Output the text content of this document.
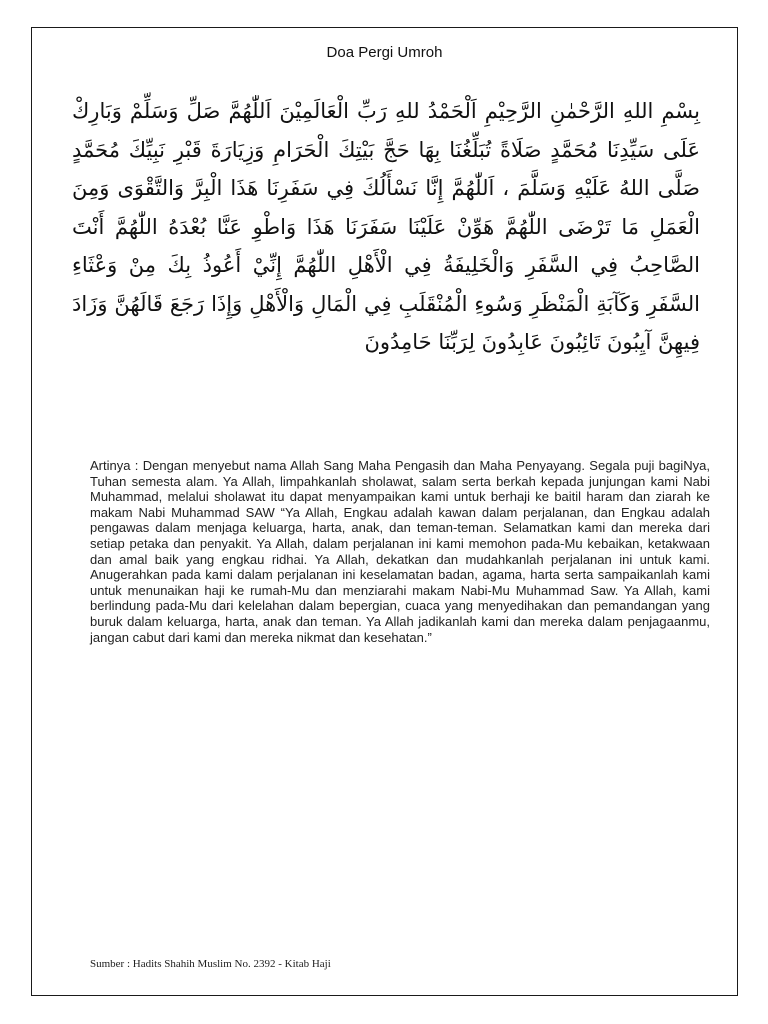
Doa Pergi Umroh

بِسْمِ اللهِ الرَّحْمٰنِ الرَّحِيْمِ اَلْحَمْدُ للهِ رَبِّ الْعَالَمِيْنَ اَللّٰهُمَّ صَلِّ وَسَلِّمْ وَبَارِكْ عَلَى سَيِّدِنَا مُحَمَّدٍ صَلَاةً تُبَلِّغُنَا بِهَا حَجَّ بَيْتِكَ الْحَرَامِ وَزِيَارَةَ قَبْرِ نَبِيِّكَ مُحَمَّدٍ صَلَّى اللهُ عَلَيْهِ وَسَلَّمَ ، اَللّٰهُمَّ إِنَّا نَسْأَلُكَ فِي سَفَرِنَا هَذَا الْبِرَّ وَالتَّقْوَى وَمِنَ الْعَمَلِ مَا تَرْضَى اللّٰهُمَّ هَوِّنْ عَلَيْنَا سَفَرَنَا هَذَا وَاطْوِ عَنَّا بُعْدَهُ اللّٰهُمَّ أَنْتَ الصَّاحِبُ فِي السَّفَرِ وَالْخَلِيفَةُ فِي الْأَهْلِ اللّٰهُمَّ إِنِّيْ أَعُوذُ بِكَ مِنْ وَعْثَاءِ السَّفَرِ وَكَآبَةِ الْمَنْظَرِ وَسُوءِ الْمُنْقَلَبِ فِي الْمَالِ وَالْأَهْلِ وَإِذَا رَجَعَ قَالَهُنَّ وَزَادَ فِيهِنَّ آيِبُونَ تَائِبُونَ عَابِدُونَ لِرَبِّنَا حَامِدُونَ

Artinya : Dengan menyebut nama Allah Sang Maha Pengasih dan Maha Penyayang. Segala puji bagiNya, Tuhan semesta alam. Ya Allah, limpahkanlah sholawat, salam serta berkah kepada junjungan kami Nabi Muhammad, melalui sholawat itu dapat menyampaikan kami untuk berhaji ke baitil haram dan ziarah ke makam Nabi Muhammad SAW “Ya Allah, Engkau adalah kawan dalam perjalanan, dan Engkau adalah pengawas dalam menjaga keluarga, harta, anak, dan teman-teman. Selamatkan kami dan mereka dari setiap petaka dan penyakit. Ya Allah, dalam perjalanan ini kami memohon pada-Mu kebaikan, ketakwaan dan amal baik yang engkau ridhai. Ya Allah, dekatkan dan mudahkanlah perjalanan ini untuk kami. Anugerahkan pada kami dalam perjalanan ini keselamatan badan, agama, harta serta sampaikanlah kami untuk menunaikan haji ke rumah-Mu dan menziarahi makam Nabi-Mu Muhammad Saw. Ya Allah, kami berlindung pada-Mu dari kelelahan dalam bepergian, cuaca yang menyedihakan dan pemandangan yang buruk dalam keluarga, harta, anak dan teman. Ya Allah jadikanlah kami dan mereka dalam penjagaanmu, jangan cabut dari kami dan mereka nikmat dan kesehatan.”

Sumber : Hadits Shahih Muslim No. 2392 - Kitab Haji
